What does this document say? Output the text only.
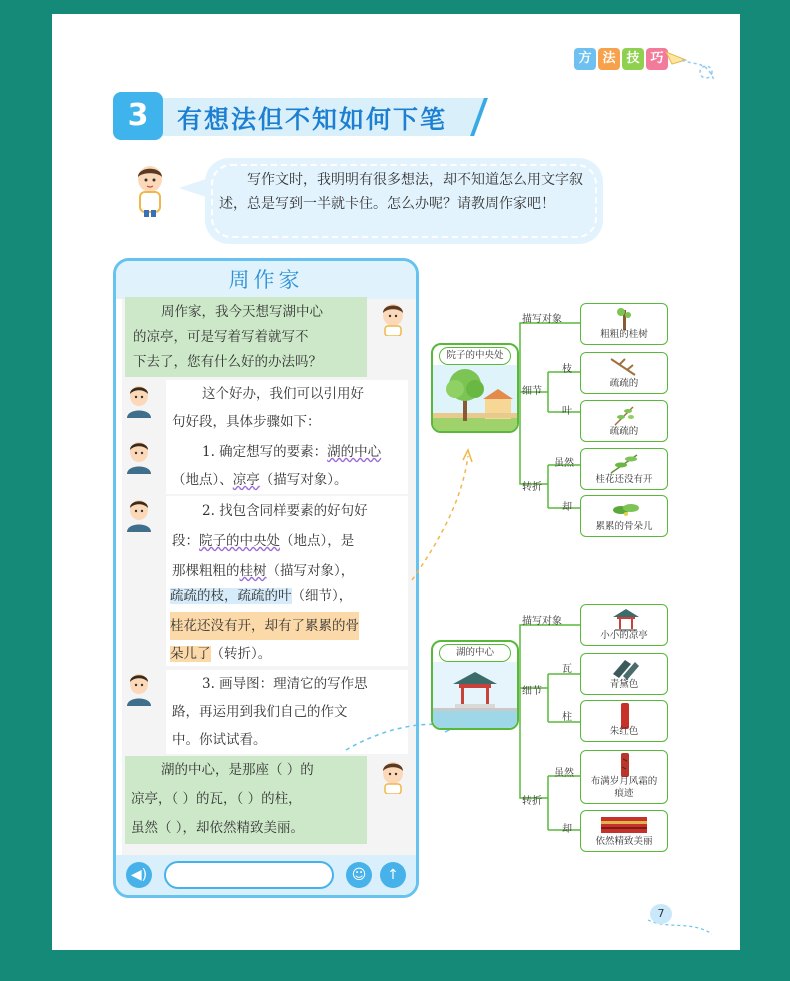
方 法 技 巧
3	有想法但不知如何下笔
写作文时，我明明有很多想法，却不知道怎么用文字叙述，总是写到一半就卡住。怎么办呢？请教周作家吧！
周作家
◀)	☺	↑
周作家，我今天想写湖中心
的凉亭，可是写着写着就写不
下去了，您有什么好的办法吗？
这个好办，我们可以引用好
句好段，具体步骤如下：
1. 确定想写的要素：湖的中心
（地点）、凉亭（描写对象）。
2. 找包含同样要素的好句好
段：院子的中央处（地点），是
那棵粗粗的桂树（描写对象），
疏疏的枝，疏疏的叶（细节），
桂花还没有开，却有了累累的骨
朵儿了（转折）。
3. 画导图：理清它的写作思
路，再运用到我们自己的作文
中。你试试看。
湖的中心，是那座（ ）的
凉亭，（ ）的瓦，（ ）的柱，
虽然（ ），却依然精致美丽。
院子的中央处
描写对象
细节
枝
叶
转折
虽然
却
粗粗的桂树
疏疏的
疏疏的
桂花还没有开
累累的骨朵儿
湖的中心
描写对象
细节
瓦
柱
转折
虽然
却
小小的凉亭
青黛色
朱红色
布满岁月风霜的痕迹
依然精致美丽
7
